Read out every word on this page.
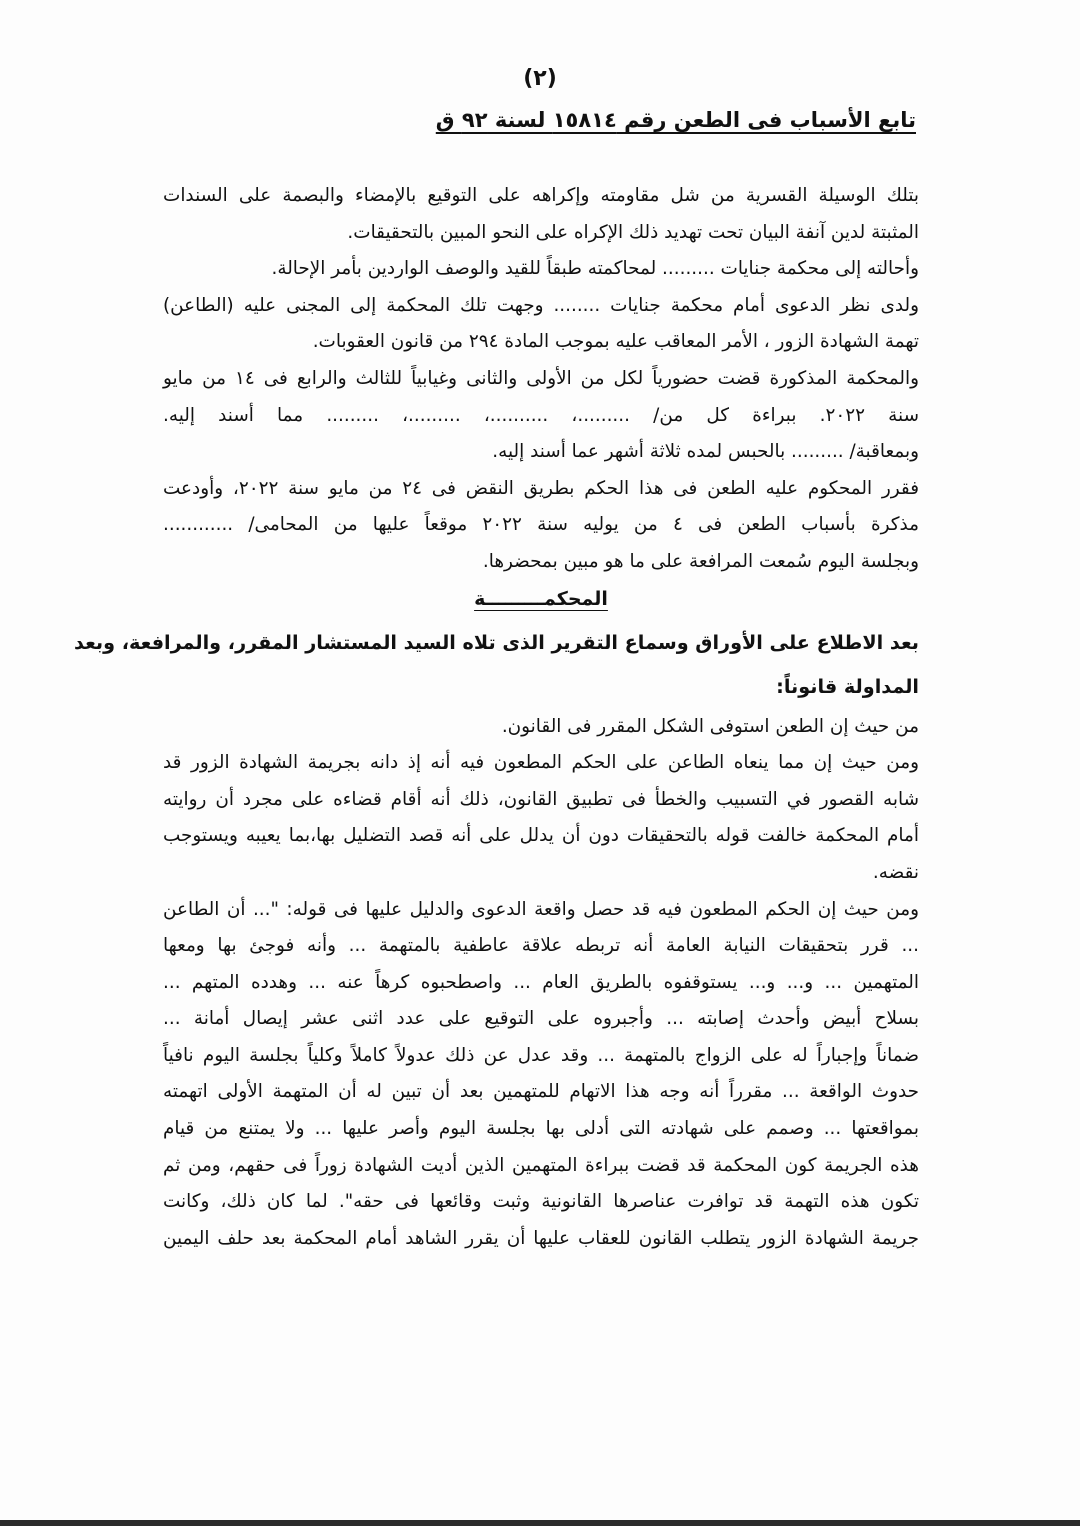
(٢)
تابع الأسباب فى الطعن رقم ١٥٨١٤ لسنة ٩٢ ق
بتلك الوسيلة القسرية من شل مقاومته وإكراهه على التوقيع بالإمضاء والبصمة على السندات
المثبتة لدين آنفة البيان تحت تهديد ذلك الإكراه على النحو المبين بالتحقيقات.
وأحالته إلى محكمة جنايات ......... لمحاكمته طبقاً للقيد والوصف الواردين بأمر الإحالة.
ولدى نظر الدعوى أمام محكمة جنايات ........ وجهت تلك المحكمة إلى المجنى عليه (الطاعن)
تهمة الشهادة الزور ، الأمر المعاقب عليه بموجب المادة ٢٩٤ من قانون العقوبات.
والمحكمة المذكورة قضت حضورياً لكل من الأولى والثانى وغيابياً للثالث والرابع فى ١٤ من مايو
سنة ٢٠٢٢. ببراءة كل من/ .........، ..........، .........، ......... مما أسند إليه.
وبمعاقبة/ ......... بالحبس لمده ثلاثة أشهر عما أسند إليه.
فقرر المحكوم عليه الطعن فى هذا الحكم بطريق النقض فى ٢٤ من مايو سنة ٢٠٢٢، وأودعت
مذكرة بأسباب الطعن فى ٤ من يوليه سنة ٢٠٢٢ موقعاً عليها من المحامى/ ............
وبجلسة اليوم سُمعت المرافعة على ما هو مبين بمحضرها.
المحكمـــــــــة
بعد الاطلاع على الأوراق وسماع التقرير الذى تلاه السيد المستشار المقرر، والمرافعة، وبعد
المداولة قانوناً:
من حيث إن الطعن استوفى الشكل المقرر فى القانون.
ومن حيث إن مما ينعاه الطاعن على الحكم المطعون فيه أنه إذ دانه بجريمة الشهادة الزور قد
شابه القصور في التسبيب والخطأ فى تطبيق القانون، ذلك أنه أقام قضاءه على مجرد أن روايته
أمام المحكمة خالفت قوله بالتحقيقات دون أن يدلل على أنه قصد التضليل بها،بما يعيبه ويستوجب
نقضه.
ومن حيث إن الحكم المطعون فيه قد حصل واقعة الدعوى والدليل عليها فى قوله: "... أن الطاعن
... قرر بتحقيقات النيابة العامة أنه تربطه علاقة عاطفية بالمتهمة ... وأنه فوجئ بها ومعها
المتهمين ... و... و... يستوقفوه بالطريق العام ... واصطحبوه كرهاً عنه ... وهدده المتهم ...
بسلاح أبيض وأحدث إصابته ... وأجبروه على التوقيع على عدد اثنى عشر إيصال أمانة ...
ضماناً وإجباراً له على الزواج بالمتهمة ... وقد عدل عن ذلك عدولاً كاملاً وكلياً بجلسة اليوم نافياً
حدوث الواقعة ... مقرراً أنه وجه هذا الاتهام للمتهمين بعد أن تبين له أن المتهمة الأولى اتهمته
بمواقعتها ... وصمم على شهادته التى أدلى بها بجلسة اليوم وأصر عليها ... ولا يمتنع من قيام
هذه الجريمة كون المحكمة قد قضت ببراءة المتهمين الذين أديت الشهادة زوراً فى حقهم، ومن ثم
تكون هذه التهمة قد توافرت عناصرها القانونية وثبت وقائعها فى حقه". لما كان ذلك، وكانت
جريمة الشهادة الزور يتطلب القانون للعقاب عليها أن يقرر الشاهد أمام المحكمة بعد حلف اليمين
